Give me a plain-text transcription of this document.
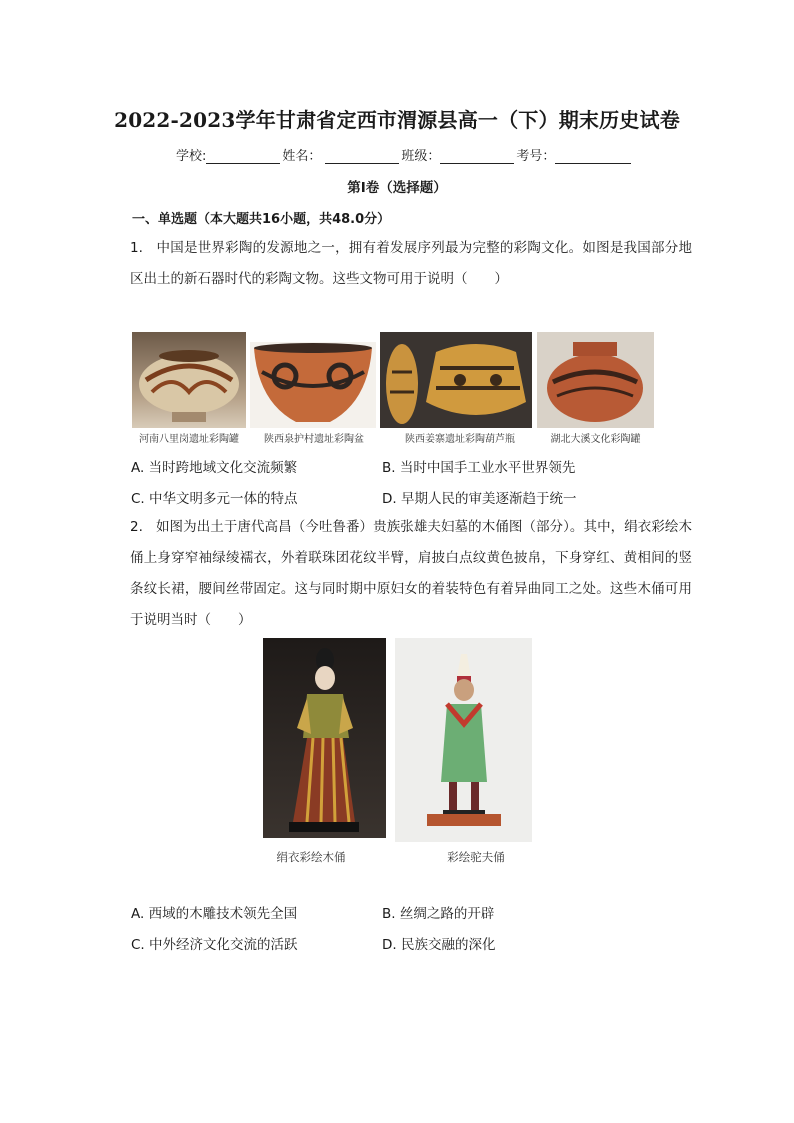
2022-2023学年甘肃省定西市渭源县高一（下）期末历史试卷
学校:	姓名：	班级：	考号：
第Ⅰ卷（选择题）
一、单选题（本大题共16小题，共48.0分）
1. 中国是世界彩陶的发源地之一，拥有着发展序列最为完整的彩陶文化。如图是我国部分地区出土的新石器时代的彩陶文物。这些文物可用于说明（　　）
河南八里岗遗址彩陶罐	陕西泉护村遗址彩陶盆	陕西姜寨遗址彩陶葫芦瓶	湖北大溪文化彩陶罐
A. 当时跨地域文化交流频繁	B. 当时中国手工业水平世界领先
C. 中华文明多元一体的特点	D. 早期人民的审美逐渐趋于统一
2. 如图为出土于唐代高昌（今吐鲁番）贵族张雄夫妇墓的木俑图（部分）。其中，绢衣彩绘木俑上身穿窄袖绿绫襦衣，外着联珠团花纹半臂，肩披白点纹黄色披帛，下身穿红、黄相间的竖条纹长裙，腰间丝带固定。这与同时期中原妇女的着装特色有着异曲同工之处。这些木俑可用于说明当时（　　）
绢衣彩绘木俑	彩绘驼夫俑
A. 西域的木雕技术领先全国	B. 丝绸之路的开辟
C. 中外经济文化交流的活跃	D. 民族交融的深化
